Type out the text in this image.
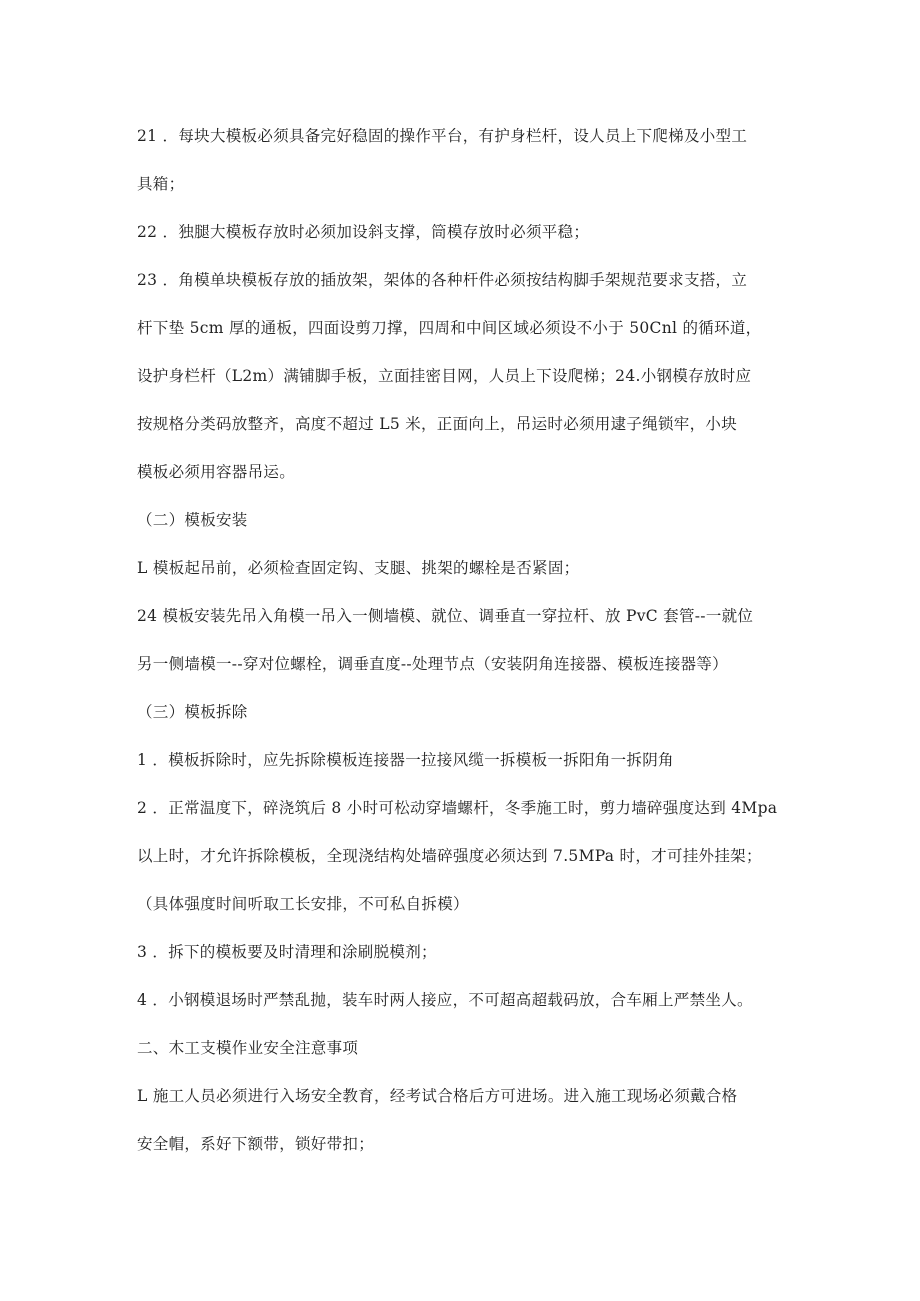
21 ．每块大模板必须具备完好稳固的操作平台，有护身栏杆，设人员上下爬梯及小型工
具箱；
22 ．独腿大模板存放时必须加设斜支撑，筒模存放时必须平稳；
23 ．角模单块模板存放的插放架，架体的各种杆件必须按结构脚手架规范要求支搭，立
杆下垫 5cm 厚的通板，四面设剪刀撑，四周和中间区域必须设不小于 50Cnl 的循环道，
设护身栏杆（L2m）满铺脚手板，立面挂密目网，人员上下设爬梯；24.小钢模存放时应
按规格分类码放整齐，高度不超过 L5 米，正面向上，吊运时必须用逮子绳锁牢，小块
模板必须用容器吊运。
（二）模板安装
L 模板起吊前，必须检查固定钩、支腿、挑架的螺栓是否紧固；
24 模板安装先吊入角模一吊入一侧墙模、就位、调垂直一穿拉杆、放 PvC 套管--一就位
另一侧墙模一--穿对位螺栓，调垂直度--处理节点（安装阴角连接器、模板连接器等）
（三）模板拆除
1 ．模板拆除时，应先拆除模板连接器一拉接风缆一拆模板一拆阳角一拆阴角
2 ．正常温度下，碎浇筑后 8 小时可松动穿墙螺杆，冬季施工时，剪力墙碎强度达到 4Mpa
以上时，才允许拆除模板，全现浇结构处墙碎强度必须达到 7.5MPa 时，才可挂外挂架；
（具体强度时间听取工长安排，不可私自拆模）
3 ．拆下的模板要及时清理和涂刷脱模剂；
4 ．小钢模退场时严禁乱抛，装车时两人接应，不可超高超载码放，合车厢上严禁坐人。
二、木工支模作业安全注意事项
L 施工人员必须进行入场安全教育，经考试合格后方可进场。进入施工现场必须戴合格
安全帽，系好下额带，锁好带扣；
